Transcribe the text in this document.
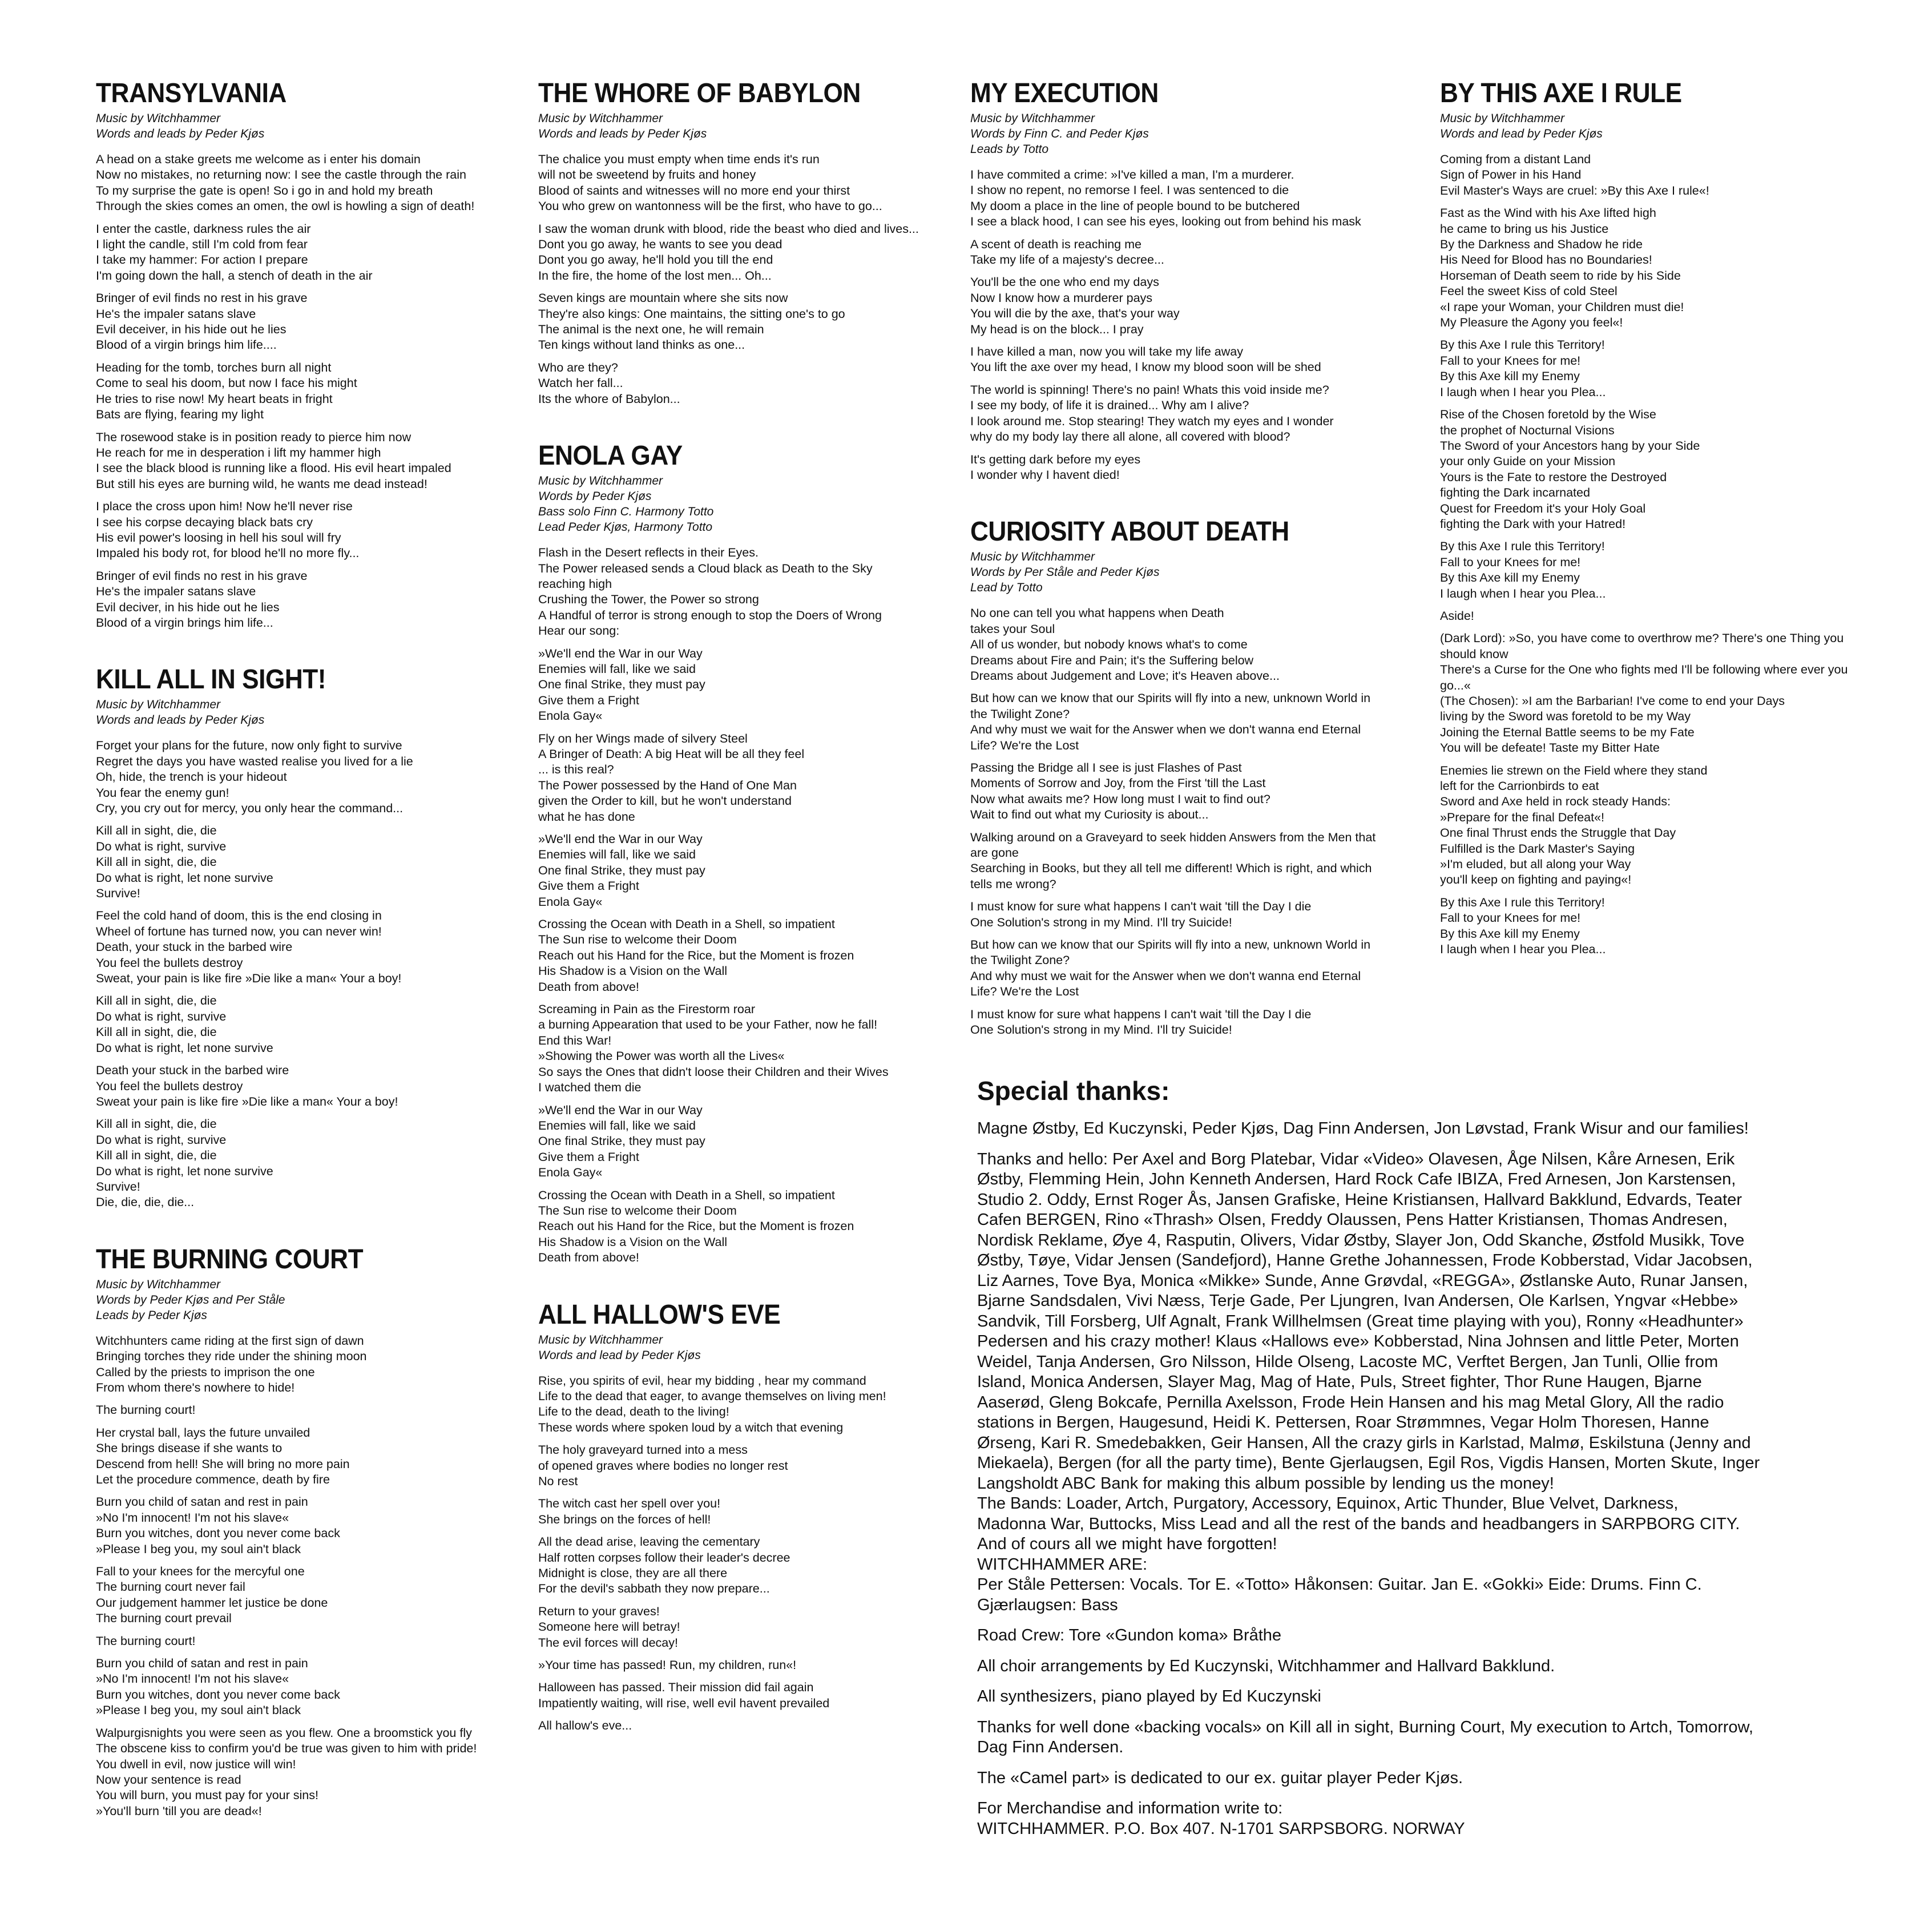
TRANSYLVANIA
Music by Witchhammer
Words and leads by Peder Kjøs
A head on a stake greets me welcome as i enter his domain
Now no mistakes, no returning now: I see the castle through the rain
To my surprise the gate is open! So i go in and hold my breath
Through the skies comes an omen, the owl is howling a sign of death!
I enter the castle, darkness rules the air
I light the candle, still I'm cold from fear
I take my hammer: For action I prepare
I'm going down the hall, a stench of death in the air
Bringer of evil finds no rest in his grave
He's the impaler satans slave
Evil deceiver, in his hide out he lies
Blood of a virgin brings him life....
Heading for the tomb, torches burn all night
Come to seal his doom, but now I face his might
He tries to rise now! My heart beats in fright
Bats are flying, fearing my light
The rosewood stake is in position ready to pierce him now
He reach for me in desperation i lift my hammer high
I see the black blood is running like a flood. His evil heart impaled
But still his eyes are burning wild, he wants me dead instead!
I place the cross upon him! Now he'll never rise
I see his corpse decaying black bats cry
His evil power's loosing in hell his soul will fry
Impaled his body rot, for blood he'll no more fly...
Bringer of evil finds no rest in his grave
He's the impaler satans slave
Evil deciver, in his hide out he lies
Blood of a virgin brings him life...
KILL ALL IN SIGHT!
Music by Witchhammer
Words and leads by Peder Kjøs
Forget your plans for the future, now only fight to survive
Regret the days you have wasted realise you lived for a lie
Oh, hide, the trench is your hideout
You fear the enemy gun!
Cry, you cry out for mercy, you only hear the command...
Kill all in sight, die, die
Do what is right, survive
Kill all in sight, die, die
Do what is right, let none survive
Survive!
Feel the cold hand of doom, this is the end closing in
Wheel of fortune has turned now, you can never win!
Death, your stuck in the barbed wire
You feel the bullets destroy
Sweat, your pain is like fire »Die like a man« Your a boy!
Kill all in sight, die, die
Do what is right, survive
Kill all in sight, die, die
Do what is right, let none survive
Death your stuck in the barbed wire
You feel the bullets destroy
Sweat your pain is like fire »Die like a man« Your a boy!
Kill all in sight, die, die
Do what is right, survive
Kill all in sight, die, die
Do what is right, let none survive
Survive!
Die, die, die, die...
THE BURNING COURT
Music by Witchhammer
Words by Peder Kjøs and Per Ståle
Leads by Peder Kjøs
Witchhunters came riding at the first sign of dawn
Bringing torches they ride under the shining moon
Called by the priests to imprison the one
From whom there's nowhere to hide!
The burning court!
Her crystal ball, lays the future unvailed
She brings disease if she wants to
Descend from hell! She will bring no more pain
Let the procedure commence, death by fire
Burn you child of satan and rest in pain
»No I'm innocent! I'm not his slave«
Burn you witches, dont you never come back
»Please I beg you, my soul ain't black
Fall to your knees for the mercyful one
The burning court never fail
Our judgement hammer let justice be done
The burning court prevail
The burning court!
Burn you child of satan and rest in pain
»No I'm innocent! I'm not his slave«
Burn you witches, dont you never come back
»Please I beg you, my soul ain't black
Walpurgisnights you were seen as you flew. One a broomstick you fly
The obscene kiss to confirm you'd be true was given to him with pride!
You dwell in evil, now justice will win!
Now your sentence is read
You will burn, you must pay for your sins!
»You'll burn 'till you are dead«!
THE WHORE OF BABYLON
Music by Witchhammer
Words and leads by Peder Kjøs
The chalice you must empty when time ends it's run
will not be sweetend by fruits and honey
Blood of saints and witnesses will no more end your thirst
You who grew on wantonness will be the first, who have to go...
I saw the woman drunk with blood, ride the beast who died and lives...
Dont you go away, he wants to see you dead
Dont you go away, he'll hold you till the end
In the fire, the home of the lost men... Oh...
Seven kings are mountain where she sits now
They're also kings: One maintains, the sitting one's to go
The animal is the next one, he will remain
Ten kings without land thinks as one...
Who are they?
Watch her fall...
Its the whore of Babylon...
ENOLA GAY
Music by Witchhammer
Words by Peder Kjøs
Bass solo Finn C. Harmony Totto
Lead Peder Kjøs, Harmony Totto
Flash in the Desert reflects in their Eyes.
The Power released sends a Cloud black as Death to the Sky
reaching high
Crushing the Tower, the Power so strong
A Handful of terror is strong enough to stop the Doers of Wrong
Hear our song:
»We'll end the War in our Way
Enemies will fall, like we said
One final Strike, they must pay
Give them a Fright
Enola Gay«
Fly on her Wings made of silvery Steel
A Bringer of Death: A big Heat will be all they feel
... is this real?
The Power possessed by the Hand of One Man
given the Order to kill, but he won't understand
what he has done
»We'll end the War in our Way
Enemies will fall, like we said
One final Strike, they must pay
Give them a Fright
Enola Gay«
Crossing the Ocean with Death in a Shell, so impatient
The Sun rise to welcome their Doom
Reach out his Hand for the Rice, but the Moment is frozen
His Shadow is a Vision on the Wall
Death from above!
Screaming in Pain as the Firestorm roar
a burning Appearation that used to be your Father, now he fall!
End this War!
»Showing the Power was worth all the Lives«
So says the Ones that didn't loose their Children and their Wives
I watched them die
»We'll end the War in our Way
Enemies will fall, like we said
One final Strike, they must pay
Give them a Fright
Enola Gay«
Crossing the Ocean with Death in a Shell, so impatient
The Sun rise to welcome their Doom
Reach out his Hand for the Rice, but the Moment is frozen
His Shadow is a Vision on the Wall
Death from above!
ALL HALLOW'S EVE
Music by Witchhammer
Words and lead by Peder Kjøs
Rise, you spirits of evil, hear my bidding , hear my command
Life to the dead that eager, to avange themselves on living men!
Life to the dead, death to the living!
These words where spoken loud by a witch that evening
The holy graveyard turned into a mess
of opened graves where bodies no longer rest
No rest
The witch cast her spell over you!
She brings on the forces of hell!
All the dead arise, leaving the cementary
Half rotten corpses follow their leader's decree
Midnight is close, they are all there
For the devil's sabbath they now prepare...
Return to your graves!
Someone here will betray!
The evil forces will decay!
»Your time has passed! Run, my children, run«!
Halloween has passed. Their mission did fail again
Impatiently waiting, will rise, well evil havent prevailed
All hallow's eve...
MY EXECUTION
Music by Witchhammer
Words by Finn C. and Peder Kjøs
Leads by Totto
I have commited a crime: »I've killed a man, I'm a murderer.
I show no repent, no remorse I feel. I was sentenced to die
My doom a place in the line of people bound to be butchered
I see a black hood, I can see his eyes, looking out from behind his mask
A scent of death is reaching me
Take my life of a majesty's decree...
You'll be the one who end my days
Now I know how a murderer pays
You will die by the axe, that's your way
My head is on the block... I pray
I have killed a man, now you will take my life away
You lift the axe over my head, I know my blood soon will be shed
The world is spinning! There's no pain! Whats this void inside me?
I see my body, of life it is drained... Why am I alive?
I look around me. Stop stearing! They watch my eyes and I wonder
why do my body lay there all alone, all covered with blood?
It's getting dark before my eyes
I wonder why I havent died!
CURIOSITY ABOUT DEATH
Music by Witchhammer
Words by Per Ståle and Peder Kjøs
Lead by Totto
No one can tell you what happens when Death
takes your Soul
All of us wonder, but nobody knows what's to come
Dreams about Fire and Pain; it's the Suffering below
Dreams about Judgement and Love; it's Heaven above...
But how can we know that our Spirits will fly into a new, unknown World in
the Twilight Zone?
And why must we wait for the Answer when we don't wanna end Eternal
Life? We're the Lost
Passing the Bridge all I see is just Flashes of Past
Moments of Sorrow and Joy, from the First 'till the Last
Now what awaits me? How long must I wait to find out?
Wait to find out what my Curiosity is about...
Walking around on a Graveyard to seek hidden Answers from the Men that
are gone
Searching in Books, but they all tell me different! Which is right, and which
tells me wrong?
I must know for sure what happens I can't wait 'till the Day I die
One Solution's strong in my Mind. I'll try Suicide!
But how can we know that our Spirits will fly into a new, unknown World in
the Twilight Zone?
And why must we wait for the Answer when we don't wanna end Eternal
Life? We're the Lost
I must know for sure what happens I can't wait 'till the Day I die
One Solution's strong in my Mind. I'll try Suicide!
BY THIS AXE I RULE
Music by Witchhammer
Words and lead by Peder Kjøs
Coming from a distant Land
Sign of Power in his Hand
Evil Master's Ways are cruel: »By this Axe I rule«!
Fast as the Wind with his Axe lifted high
he came to bring us his Justice
By the Darkness and Shadow he ride
His Need for Blood has no Boundaries!
Horseman of Death seem to ride by his Side
Feel the sweet Kiss of cold Steel
«I rape your Woman, your Children must die!
My Pleasure the Agony you feel«!
By this Axe I rule this Territory!
Fall to your Knees for me!
By this Axe kill my Enemy
I laugh when I hear you Plea...
Rise of the Chosen foretold by the Wise
the prophet of Nocturnal Visions
The Sword of your Ancestors hang by your Side
your only Guide on your Mission
Yours is the Fate to restore the Destroyed
fighting the Dark incarnated
Quest for Freedom it's your Holy Goal
fighting the Dark with your Hatred!
By this Axe I rule this Territory!
Fall to your Knees for me!
By this Axe kill my Enemy
I laugh when I hear you Plea...
Aside!
(Dark Lord): »So, you have come to overthrow me? There's one Thing you
should know
There's a Curse for the One who fights med I'll be following where ever you
go...«
(The Chosen): »I am the Barbarian! I've come to end your Days
living by the Sword was foretold to be my Way
Joining the Eternal Battle seems to be my Fate
You will be defeate! Taste my Bitter Hate
Enemies lie strewn on the Field where they stand
left for the Carrionbirds to eat
Sword and Axe held in rock steady Hands:
»Prepare for the final Defeat«!
One final Thrust ends the Struggle that Day
Fulfilled is the Dark Master's Saying
»I'm eluded, but all along your Way
you'll keep on fighting and paying«!
By this Axe I rule this Territory!
Fall to your Knees for me!
By this Axe kill my Enemy
I laugh when I hear you Plea...
Special thanks:
Magne Østby, Ed Kuczynski, Peder Kjøs, Dag Finn Andersen, Jon Løvstad, Frank Wisur and our families!
Thanks and hello: Per Axel and Borg Platebar, Vidar «Video» Olavesen, Åge Nilsen, Kåre Arnesen, Erik
Østby, Flemming Hein, John Kenneth Andersen, Hard Rock Cafe IBIZA, Fred Arnesen, Jon Karstensen,
Studio 2. Oddy, Ernst Roger Ås, Jansen Grafiske, Heine Kristiansen, Hallvard Bakklund, Edvards, Teater
Cafen BERGEN, Rino «Thrash» Olsen, Freddy Olaussen, Pens Hatter Kristiansen, Thomas Andresen,
Nordisk Reklame, Øye 4, Rasputin, Olivers, Vidar Østby, Slayer Jon, Odd Skanche, Østfold Musikk, Tove
Østby, Tøye, Vidar Jensen (Sandefjord), Hanne Grethe Johannessen, Frode Kobberstad, Vidar Jacobsen,
Liz Aarnes, Tove Bya, Monica «Mikke» Sunde, Anne Grøvdal, «REGGA», Østlanske Auto, Runar Jansen,
Bjarne Sandsdalen, Vivi Næss, Terje Gade, Per Ljungren, Ivan Andersen, Ole Karlsen, Yngvar «Hebbe»
Sandvik, Till Forsberg, Ulf Agnalt, Frank Willhelmsen (Great time playing with you), Ronny «Headhunter»
Pedersen and his crazy mother! Klaus «Hallows eve» Kobberstad, Nina Johnsen and little Peter, Morten
Weidel, Tanja Andersen, Gro Nilsson, Hilde Olseng, Lacoste MC, Verftet Bergen, Jan Tunli, Ollie from
Island, Monica Andersen, Slayer Mag, Mag of Hate, Puls, Street fighter, Thor Rune Haugen, Bjarne
Aaserød, Gleng Bokcafe, Pernilla Axelsson, Frode Hein Hansen and his mag Metal Glory, All the radio
stations in Bergen, Haugesund, Heidi K. Pettersen, Roar Strømmnes, Vegar Holm Thoresen, Hanne
Ørseng, Kari R. Smedebakken, Geir Hansen, All the crazy girls in Karlstad, Malmø, Eskilstuna (Jenny and
Miekaela), Bergen (for all the party time), Bente Gjerlaugsen, Egil Ros, Vigdis Hansen, Morten Skute, Inger
Langsholdt ABC Bank for making this album possible by lending us the money!
The Bands: Loader, Artch, Purgatory, Accessory, Equinox, Artic Thunder, Blue Velvet, Darkness,
Madonna War, Buttocks, Miss Lead and all the rest of the bands and headbangers in SARPBORG CITY.
And of cours all we might have forgotten!
WITCHHAMMER ARE:
Per Ståle Pettersen: Vocals. Tor E. «Totto» Håkonsen: Guitar. Jan E. «Gokki» Eide: Drums. Finn C.
Gjærlaugsen: Bass
Road Crew: Tore «Gundon koma» Bråthe
All choir arrangements by Ed Kuczynski, Witchhammer and Hallvard Bakklund.
All synthesizers, piano played by Ed Kuczynski
Thanks for well done «backing vocals» on Kill all in sight, Burning Court, My execution to Artch, Tomorrow,
Dag Finn Andersen.
The «Camel part» is dedicated to our ex. guitar player Peder Kjøs.
For Merchandise and information write to:
WITCHHAMMER. P.O. Box 407. N-1701 SARPSBORG. NORWAY
